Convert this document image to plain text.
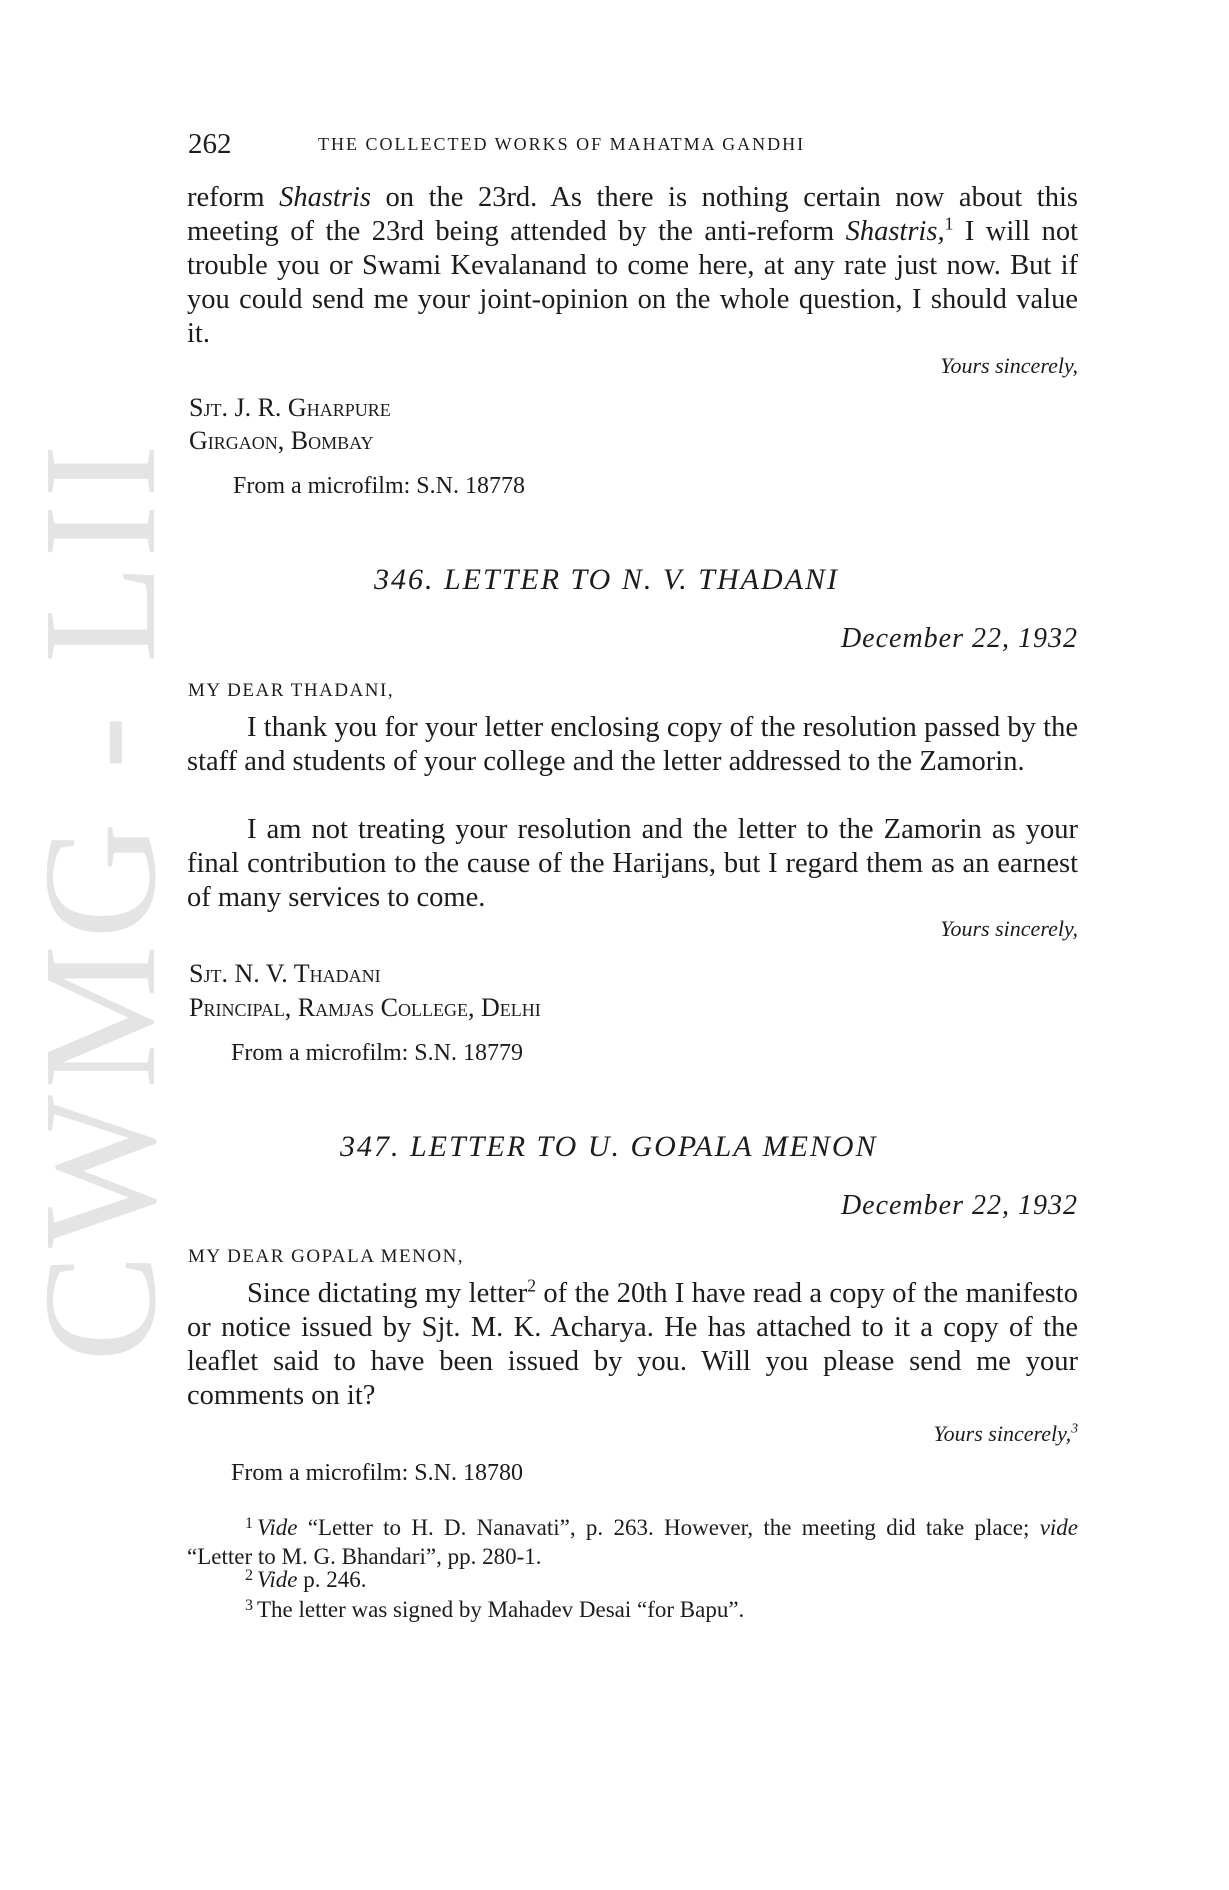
CWMG - LII
262	THE COLLECTED WORKS OF MAHATMA GANDHI
reform Shastris on the 23rd. As there is nothing certain now about this meeting of the 23rd being attended by the anti-reform Shastris,$^1$ I will not trouble you or Swami Kevalanand to come here, at any rate just now. But if you could send me your joint-opinion on the whole question, I should value it.
Yours sincerely,
Sjt. J. R. Gharpure
Girgaon, Bombay
From a microfilm: S.N. 18778
346. LETTER TO N. V. THADANI
December 22, 1932
MY DEAR THADANI,
I thank you for your letter enclosing copy of the resolution passed by the staff and students of your college and the letter addressed to the Zamorin.
I am not treating your resolution and the letter to the Zamorin as your final contribution to the cause of the Harijans, but I regard them as an earnest of many services to come.
Yours sincerely,
Sjt. N. V. Thadani
Principal, Ramjas College, Delhi
From a microfilm: S.N. 18779
347. LETTER TO U. GOPALA MENON
December 22, 1932
MY DEAR GOPALA MENON,
Since dictating my letter$^2$ of the 20th I have read a copy of the manifesto or notice issued by Sjt. M. K. Acharya. He has attached to it a copy of the leaflet said to have been issued by you. Will you please send me your comments on it?
Yours sincerely,$^3$
From a microfilm: S.N. 18780
$^1$ Vide “Letter to H. D. Nanavati”, p. 263. However, the meeting did take place; vide “Letter to M. G. Bhandari”, pp. 280-1.
$^2$ Vide p. 246.
$^3$ The letter was signed by Mahadev Desai “for Bapu”.
